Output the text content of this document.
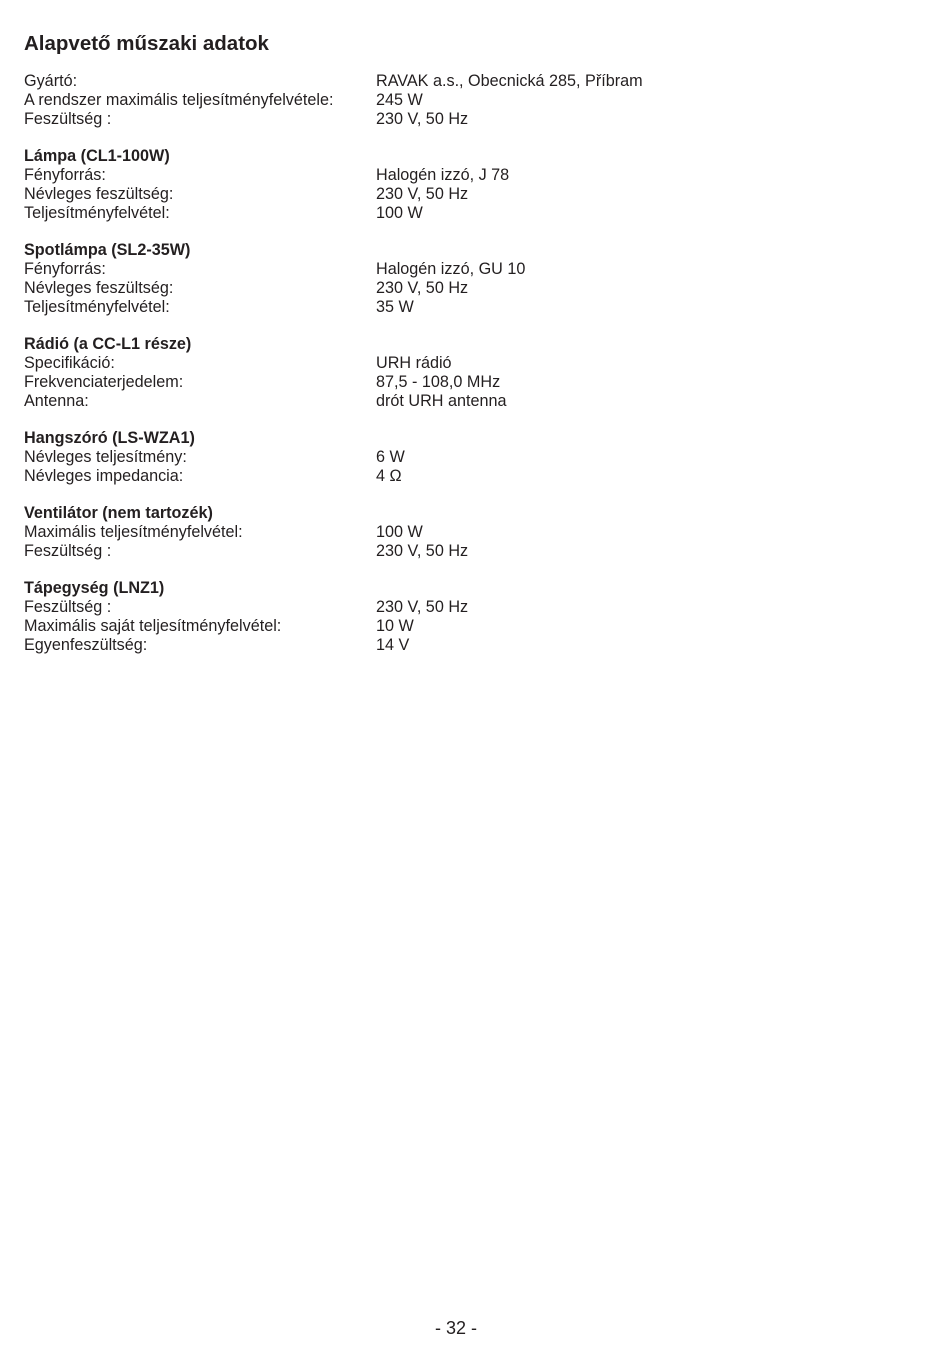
Alapvető műszaki adatok
Gyártó:	RAVAK a.s., Obecnická 285, Příbram
A rendszer maximális teljesítményfelvétele:	245 W
Feszültség :	230 V, 50 Hz
Lámpa (CL1-100W)
Fényforrás:	Halogén izzó, J 78
Névleges feszültség:	230 V, 50 Hz
Teljesítményfelvétel:	100 W
Spotlámpa (SL2-35W)
Fényforrás:	Halogén izzó, GU 10
Névleges feszültség:	230 V, 50 Hz
Teljesítményfelvétel:	35 W
Rádió (a CC-L1 része)
Specifikáció:	URH rádió
Frekvenciaterjedelem:	87,5 - 108,0 MHz
Antenna:	drót URH antenna
Hangszóró (LS-WZA1)
Névleges teljesítmény:	6 W
Névleges impedancia:	4 Ω
Ventilátor (nem tartozék)
Maximális teljesítményfelvétel:	100 W
Feszültség :	230 V, 50 Hz
Tápegység (LNZ1)
Feszültség :	230 V, 50 Hz
Maximális saját teljesítményfelvétel:	10 W
Egyenfeszültség:	14 V
- 32 -
